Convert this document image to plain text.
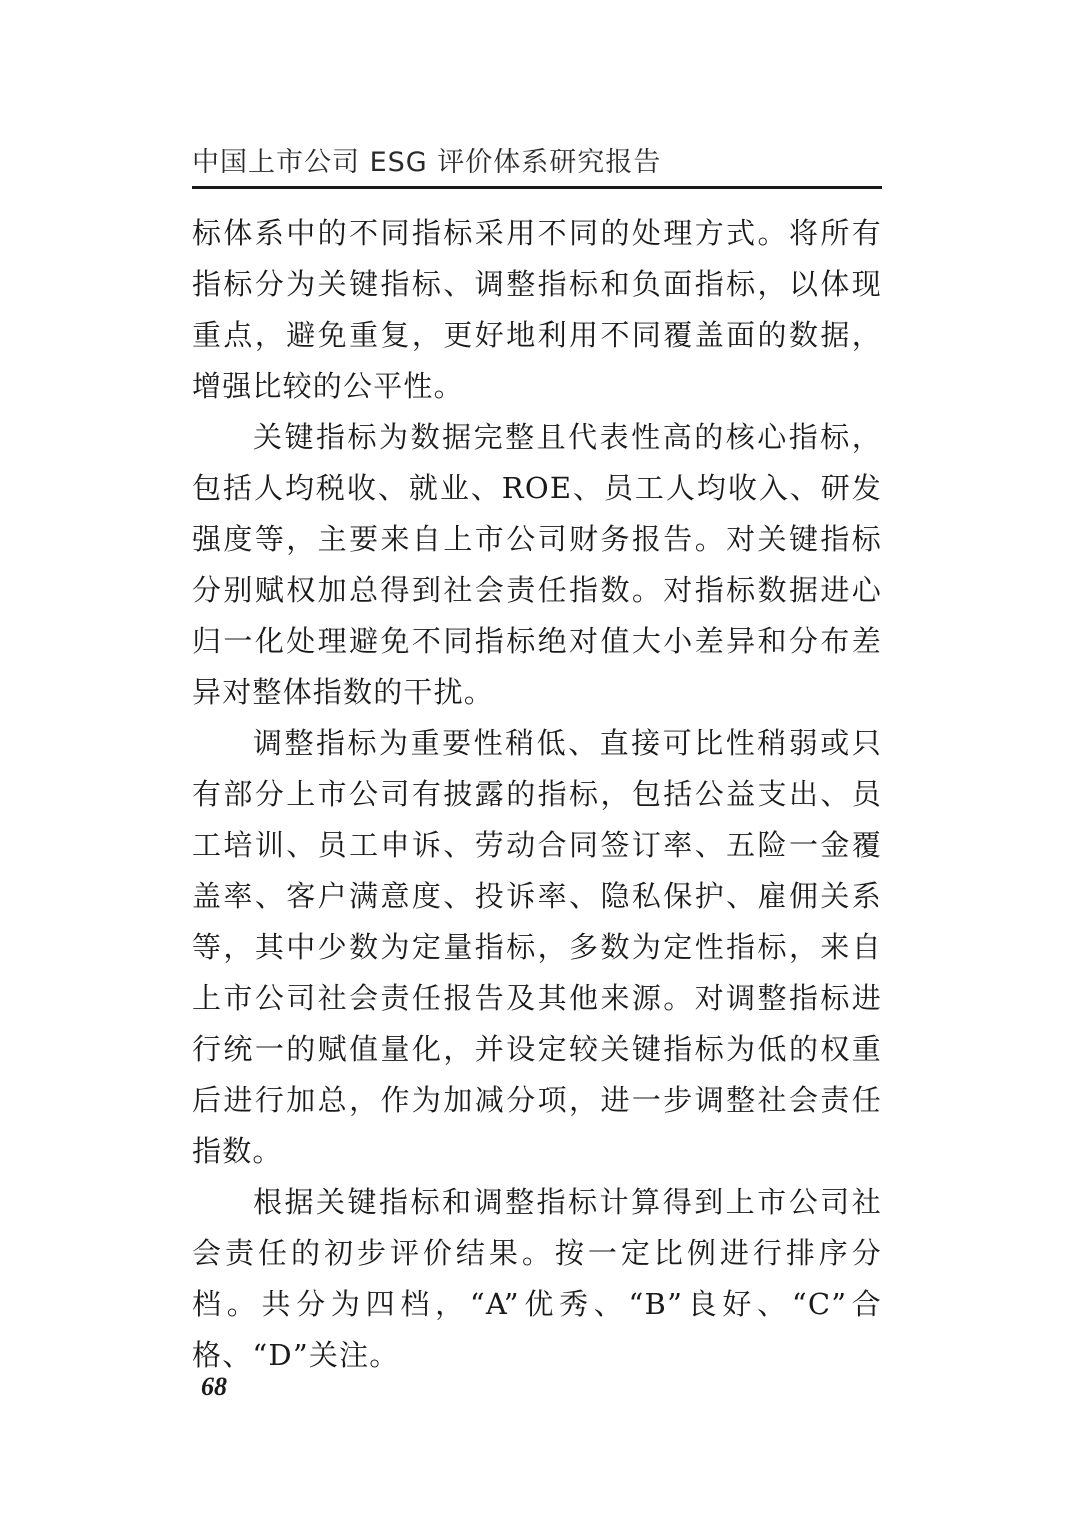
中国上市公司 ESG 评价体系研究报告

标体系中的不同指标采用不同的处理方式。将所有指标分为关键指标、调整指标和负面指标，以体现重点，避免重复，更好地利用不同覆盖面的数据，增强比较的公平性。

关键指标为数据完整且代表性高的核心指标，包括人均税收、就业、ROE、员工人均收入、研发强度等，主要来自上市公司财务报告。对关键指标分别赋权加总得到社会责任指数。对指标数据进心归一化处理避免不同指标绝对值大小差异和分布差异对整体指数的干扰。

调整指标为重要性稍低、直接可比性稍弱或只有部分上市公司有披露的指标，包括公益支出、员工培训、员工申诉、劳动合同签订率、五险一金覆盖率、客户满意度、投诉率、隐私保护、雇佣关系等，其中少数为定量指标，多数为定性指标，来自上市公司社会责任报告及其他来源。对调整指标进行统一的赋值量化，并设定较关键指标为低的权重后进行加总，作为加减分项，进一步调整社会责任指数。

根据关键指标和调整指标计算得到上市公司社会责任的初步评价结果。按一定比例进行排序分档。共分为四档，“A”优秀、“B”良好、“C”合格、“D”关注。

68
